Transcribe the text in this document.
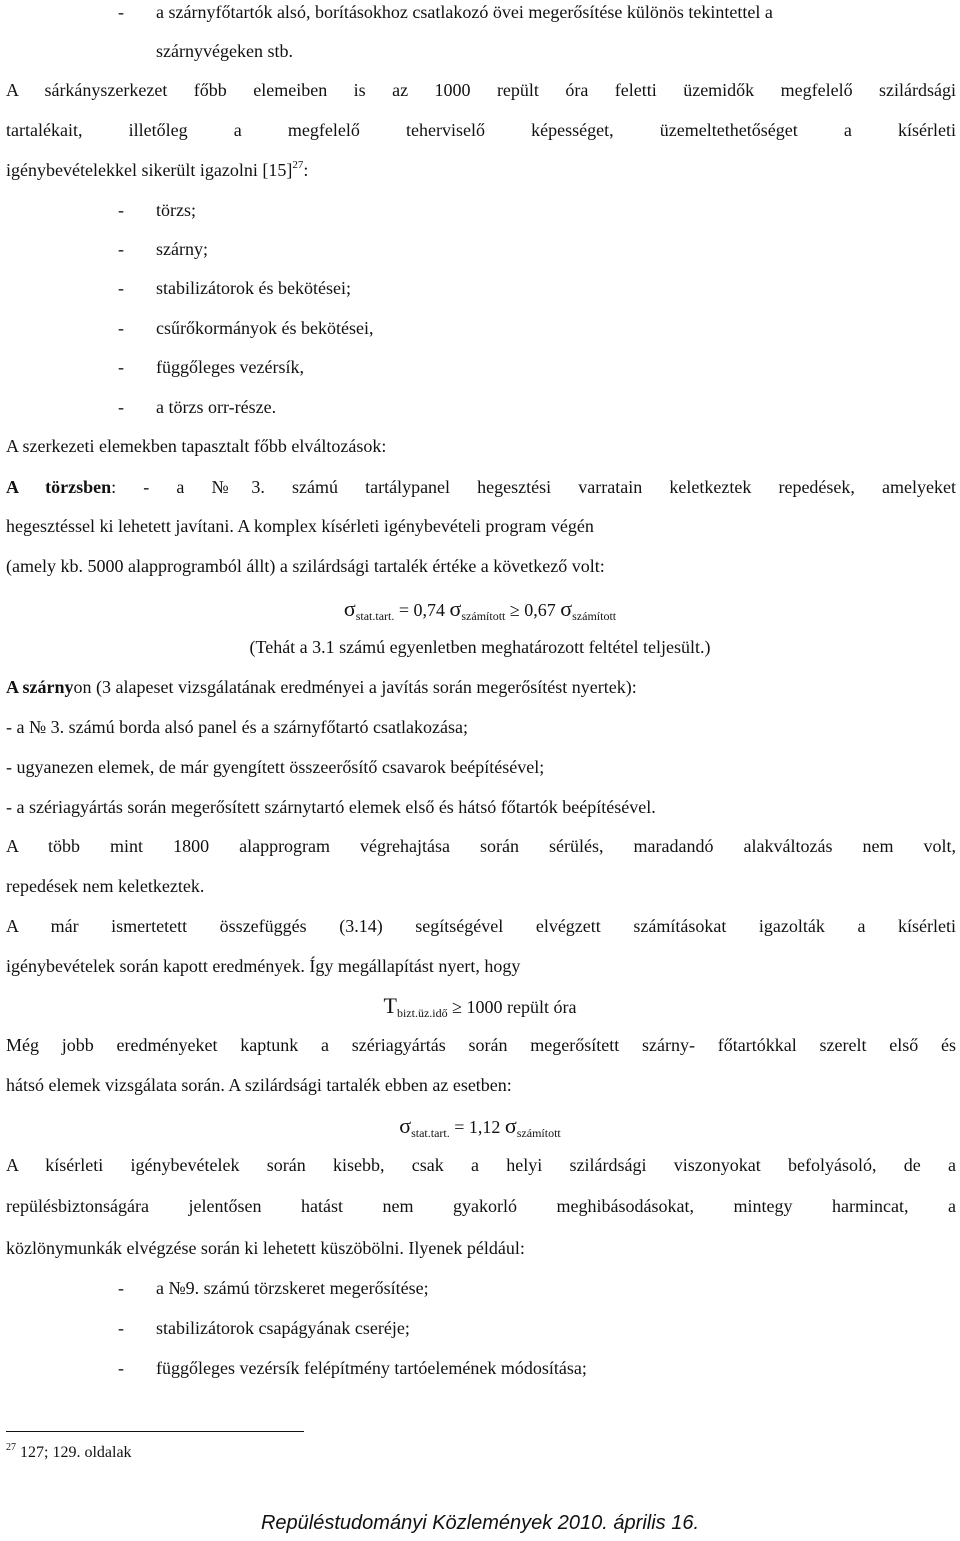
- a szárnyfőtartók alsó, borításokhoz csatlakozó övei megerősítése különös tekintettel a
szárnyvégeken stb.
A sárkányszerkezet főbb elemeiben is az 1000 repült óra feletti üzemidők megfelelő szilárdsági
tartalékait, illetőleg a megfelelő teherviselő képességet, üzemeltethetőséget a kísérleti
igénybevételekkel sikerült igazolni $[15]^{27}$:
- törzs;
- szárny;
- stabilizátorok és bekötései;
- csűrőkormányok és bekötései,
- függőleges vezérsík,
- a törzs orr-része.
A szerkezeti elemekben tapasztalt főbb elváltozások:
A törzsben: - a №3. számú tartálypanel hegesztési varratain keletkeztek repedések, amelyeket
hegesztéssel ki lehetett javítani. A komplex kísérleti igénybevételi program végén
(amely kb. 5000 alapprogramból állt) a szilárdsági tartalék értéke a következő volt:
$\sigma_{stat.tart.} = 0,74$ $\sigma_{számított} \ge 0,67$ $\sigma_{számított}$
(Tehát a 3.1 számú egyenletben meghatározott feltétel teljesült.)
A szárnyon (3 alapeset vizsgálatának eredményei a javítás során megerősítést nyertek):
- a № 3. számú borda alsó panel és a szárnyfőtartó csatlakozása;
- ugyanezen elemek, de már gyengített összeerősítő csavarok beépítésével;
- a szériagyártás során megerősített szárnytartó elemek első és hátsó főtartók beépítésével.
A több mint 1800 alapprogram végrehajtása során sérülés, maradandó alakváltozás nem volt,
repedések nem keletkeztek.
A már ismertetett összefüggés (3.14) segítségével elvégzett számításokat igazolták a kísérleti
igénybevételek során kapott eredmények. Így megállapítást nyert, hogy
$T_{bizt.üz.idő} \ge 1000$ repült óra
Még jobb eredményeket kaptunk a szériagyártás során megerősített szárny- főtartókkal szerelt első és
hátsó elemek vizsgálata során. A szilárdsági tartalék ebben az esetben:
$\sigma_{stat.tart.} = 1,12$ $\sigma_{számított}$
A kísérleti igénybevételek során kisebb, csak a helyi szilárdsági viszonyokat befolyásoló, de a
repülésbiztonságára jelentősen hatást nem gyakorló meghibásodásokat, mintegy harmincat, a
közlönymunkák elvégzése során ki lehetett küszöbölni. Ilyenek például:
- a №9. számú törzskeret megerősítése;
- stabilizátorok csapágyának cseréje;
- függőleges vezérsík felépítmény tartóelemének módosítása;
$^{27}$ 127; 129. oldalak
Repüléstudományi Közlemények 2010. április 16.
